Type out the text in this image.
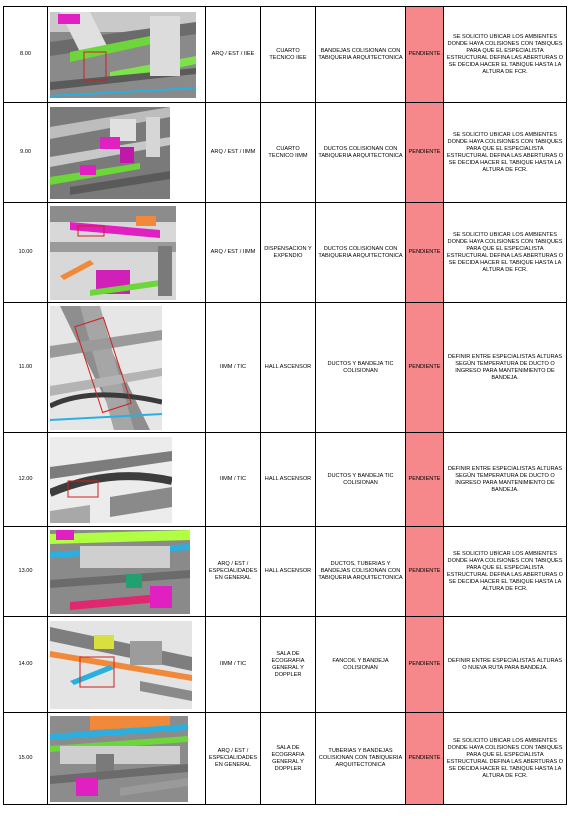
8.00		ARQ / EST / IIEE	CUARTO TECNICO IIEE	BANDEJAS COLISIONAN CON TABIQUERIA ARQUITECTONICA	PENDIENTE	SE SOLICITO UBICAR LOS AMBIENTES DONDE HAYA COLISIONES CON TABIQUES PARA QUE EL ESPECIALISTA ESTRUCTURAL DEFINA LAS ABERTURAS O SE DECIDA HACER EL TABIQUE HASTA LA ALTURA DE FCR.
9.00		ARQ / EST / IIMM	CUARTO TECNICO IIMM	DUCTOS COLISIONAN CON TABIQUERIA ARQUITECTONICA	PENDIENTE	SE SOLICITO UBICAR LOS AMBIENTES DONDE HAYA COLISIONES CON TABIQUES PARA QUE EL ESPECIALISTA ESTRUCTURAL DEFINA LAS ABERTURAS O SE DECIDA HACER EL TABIQUE HASTA LA ALTURA DE FCR.
10.00		ARQ / EST / IIMM	DISPENSACION Y EXPENDIO	DUCTOS COLISIONAN CON TABIQUERIA ARQUITECTONICA	PENDIENTE	SE SOLICITO UBICAR LOS AMBIENTES DONDE HAYA COLISIONES CON TABIQUES PARA QUE EL ESPECIALISTA ESTRUCTURAL DEFINA LAS ABERTURAS O SE DECIDA HACER EL TABIQUE HASTA LA ALTURA DE FCR.
11.00		IIMM / TIC	HALL ASCENSOR	DUCTOS Y BANDEJA TIC COLISIONAN	PENDIENTE	DEFINIR ENTRE ESPECIALISTAS ALTURAS SEGÚN TEMPERATURA DE DUCTO O INGRESO PARA MANTENIMIENTO DE BANDEJA.
12.00		IIMM / TIC	HALL ASCENSOR	DUCTOS Y BANDEJA TIC COLISIONAN	PENDIENTE	DEFINIR ENTRE ESPECIALISTAS ALTURAS SEGÚN TEMPERATURA DE DUCTO O INGRESO PARA MANTENIMIENTO DE BANDEJA.
13.00		ARQ / EST / ESPECIALIDADES EN GENERAL	HALL ASCENSOR	DUCTOS, TUBERIAS Y BANDEJAS COLISIONAN CON TABIQUERIA ARQUITECTONICA	PENDIENTE	SE SOLICITO UBICAR LOS AMBIENTES DONDE HAYA COLISIONES CON TABIQUES PARA QUE EL ESPECIALISTA ESTRUCTURAL DEFINA LAS ABERTURAS O SE DECIDA HACER EL TABIQUE HASTA LA ALTURA DE FCR.
14.00		IIMM / TIC	SALA DE ECOGRAFIA GENERAL Y DOPPLER	FANCOIL Y BANDEJA COLISIONAN	PENDIENTE	DEFINIR ENTRE ESPECIALISTAS ALTURAS O NUEVA RUTA PARA BANDEJA.
15.00		ARQ / EST / ESPECIALIDADES EN GENERAL	SALA DE ECOGRAFIA GENERAL Y DOPPLER	TUBERIAS Y BANDEJAS COLISIONAN CON TABIQUERIA ARQUITECTONICA	PENDIENTE	SE SOLICITO UBICAR LOS AMBIENTES DONDE HAYA COLISIONES CON TABIQUES PARA QUE EL ESPECIALISTA ESTRUCTURAL DEFINA LAS ABERTURAS O SE DECIDA HACER EL TABIQUE HASTA LA ALTURA DE FCR.
